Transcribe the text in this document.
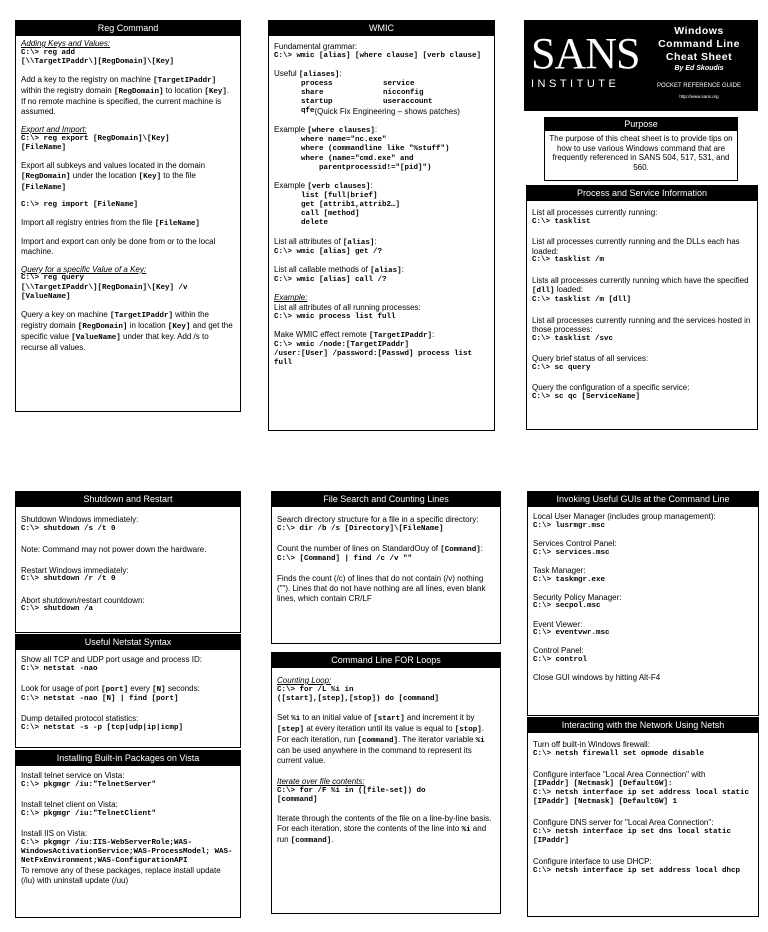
Reg Command
Adding Keys and Values:
C:\> reg add
[\\TargetIPaddr\][RegDomain]\[Key]
Add a key to the registry on machine [TargetIPaddr] within the registry domain [RegDomain] to location [Key]. If no remote machine is specified, the current machine is assumed.
Export and Import:
C:\> reg export [RegDomain]\[Key]
[FileName]
Export all subkeys and values located in the domain [RegDomain] under the location [Key] to the file [FileName]
C:\> reg import [FileName]
Import all registry entries from the file [FileName]
Import and export can only be done from or to the local machine.
Query for a specific Value of a Key:
C:\> reg query
[\\TargetIPaddr\][RegDomain]\[Key] /v
[ValueName]
Query a key on machine [TargetIPaddr] within the registry domain [RegDomain] in location [Key] and get the specific value [ValueName] under that key. Add /s to recurse all values.
WMIC
Fundamental grammar:
C:\> wmic [alias] [where clause] [verb clause]
Useful [aliases]:
process	service
share	nicconfig
startup	useraccount
qfe (Quick Fix Engineering – shows patches)
Example [where clauses]:
where name="nc.exe"
where (commandline like "%stuff")
where (name="cmd.exe" and
parentprocessid!="[pid]")
Example [verb clauses]:
list [full|brief]
get [attrib1,attrib2…]
call [method]
delete
List all attributes of [alias]:
C:\> wmic [alias] get /?
List all callable methods of [alias]:
C:\> wmic [alias] call /?
Example:
List all attributes of all running processes:
C:\> wmic process list full
Make WMIC effect remote [TargetIPaddr]:
C:\> wmic /node:[TargetIPaddr]
/user:[User] /password:[Passwd] process list full
SANS
INSTITUTE
Windows
Command Line
Cheat Sheet
By Ed Skoudis
POCKET REFERENCE GUIDE
http://www.sans.org
Purpose
The purpose of this cheat sheet is to provide tips on how to use various Windows command that are frequently referenced in SANS 504, 517, 531, and 560.
Process and Service Information
List all processes currently running:
C:\> tasklist
List all processes currently running and the DLLs each has loaded:
C:\> tasklist /m
Lists all processes currently running which have the specified [dll] loaded:
C:\> tasklist /m [dll]
List all processes currently running and the services hosted in those processes:
C:\> tasklist /svc
Query brief status of all services:
C:\> sc query
Query the configuration of a specific service:
C:\> sc qc [ServiceName]
Shutdown and Restart
Shutdown Windows immediately:
C:\> shutdown /s /t 0
Note: Command may not power down the hardware.
Restart Windows immediately:
C:\> shutdown /r /t 0
Abort shutdown/restart countdown:
C:\> shutdown /a
Useful Netstat Syntax
Show all TCP and UDP port usage and process ID:
C:\> netstat -nao
Look for usage of port [port] every [N] seconds:
C:\> netstat -nao [N] | find [port]
Dump detailed protocol statistics:
C:\> netstat -s -p [tcp|udp|ip|icmp]
Installing Built-in Packages on Vista
Install telnet service on Vista:
C:\> pkgmgr /iu:"TelnetServer"
Install telnet client on Vista:
C:\> pkgmgr /iu:"TelnetClient"
Install IIS on Vista:
C:\> pkgmgr /iu:IIS-WebServerRole;WAS-WindowsActivationService;WAS-ProcessModel; WAS-NetFxEnvironment;WAS-ConfigurationAPI
To remove any of these packages, replace install update (/iu) with uninstall update (/uu)
File Search and Counting Lines
Search directory structure for a file in a specific directory:
C:\> dir /b /s [Directory]\[FileName]
Count the number of lines on StandardOuy of [Command]:
C:\> [Command] | find /c /v ""
Finds the count (/c) of lines that do not contain (/v) nothing (""). Lines that do not have nothing are all lines, even blank lines, which contain CR/LF
Command Line FOR Loops
Counting Loop:
C:\> for /L %i in
([start],[step],[stop]) do [command]
Set %i to an initial value of [start] and increment it by [step] at every iteration until its value is equal to [stop]. For each iteration, run [command]. The iterator variable %i can be used anywhere in the command to represent its current value.
Iterate over file contents:
C:\> for /F %i in ([file-set]) do
[command]
Iterate through the contents of the file on a line-by-line basis. For each iteration, store the contents of the line into %i and run [command].
Invoking Useful GUIs at the Command Line
Local User Manager (includes group management):
C:\> lusrmgr.msc
Services Control Panel:
C:\> services.msc
Task Manager:
C:\> taskmgr.exe
Security Policy Manager:
C:\> secpol.msc
Event Viewer:
C:\> eventvwr.msc
Control Panel:
C:\> control
Close GUI windows by hitting Alt-F4
Interacting with the Network Using Netsh
Turn off built-in Windows firewall:
C:\> netsh firewall set opmode disable
Configure interface "Local Area Connection" with
[IPaddr] [Netmask] [DefaultGW]:
C:\> netsh interface ip set address local static [IPaddr] [Netmask] [DefaultGW] 1
Configure DNS server for "Local Area Connection":
C:\> netsh interface ip set dns local static [IPaddr]
Configure interface to use DHCP:
C:\> netsh interface ip set address local dhcp
